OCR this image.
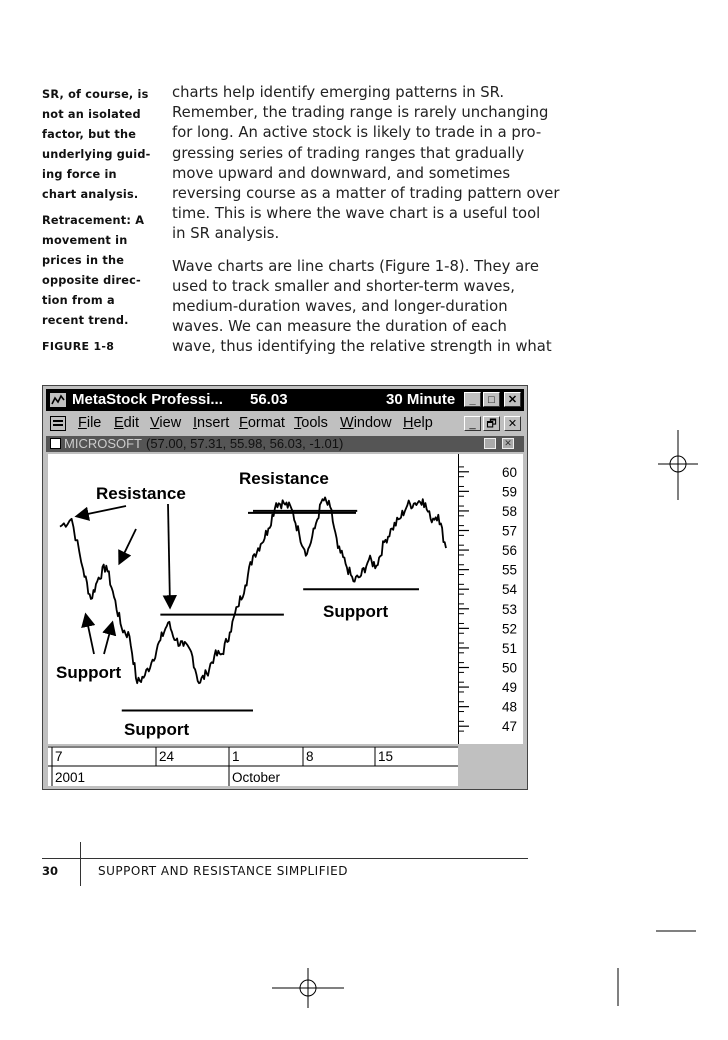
SR, of course, is
not an isolated
factor, but the
underlying guid-
ing force in
chart analysis.
Retracement: A
movement in
prices in the
opposite direc-
tion from a
recent trend.
FIGURE 1-8

charts help identify emerging patterns in SR.
Remember, the trading range is rarely unchanging
for long. An active stock is likely to trade in a pro-
gressing series of trading ranges that gradually
move upward and downward, and sometimes
reversing course as a matter of trading pattern over
time. This is where the wave chart is a useful tool
in SR analysis.

Wave charts are line charts (Figure 1-8). They are
used to track smaller and shorter-term waves,
medium-duration waves, and longer-duration
waves. We can measure the duration of each
wave, thus identifying the relative strength in what

MetaStock Professi... 56.03	30 Minute	_	□	✕
File Edit View Insert Format Tools Window Help	_ 🗗	✕
MICROSOFT (57.00, 57.31, 55.98, 56.03, -1.01)	✕
Resistance
Support
Resistance
Support
Support
60
59
58
57
56
55
54
53
52
51
50
49
48
47
7	24	1	8	15
2001	October
30	SUPPORT AND RESISTANCE SIMPLIFIED
